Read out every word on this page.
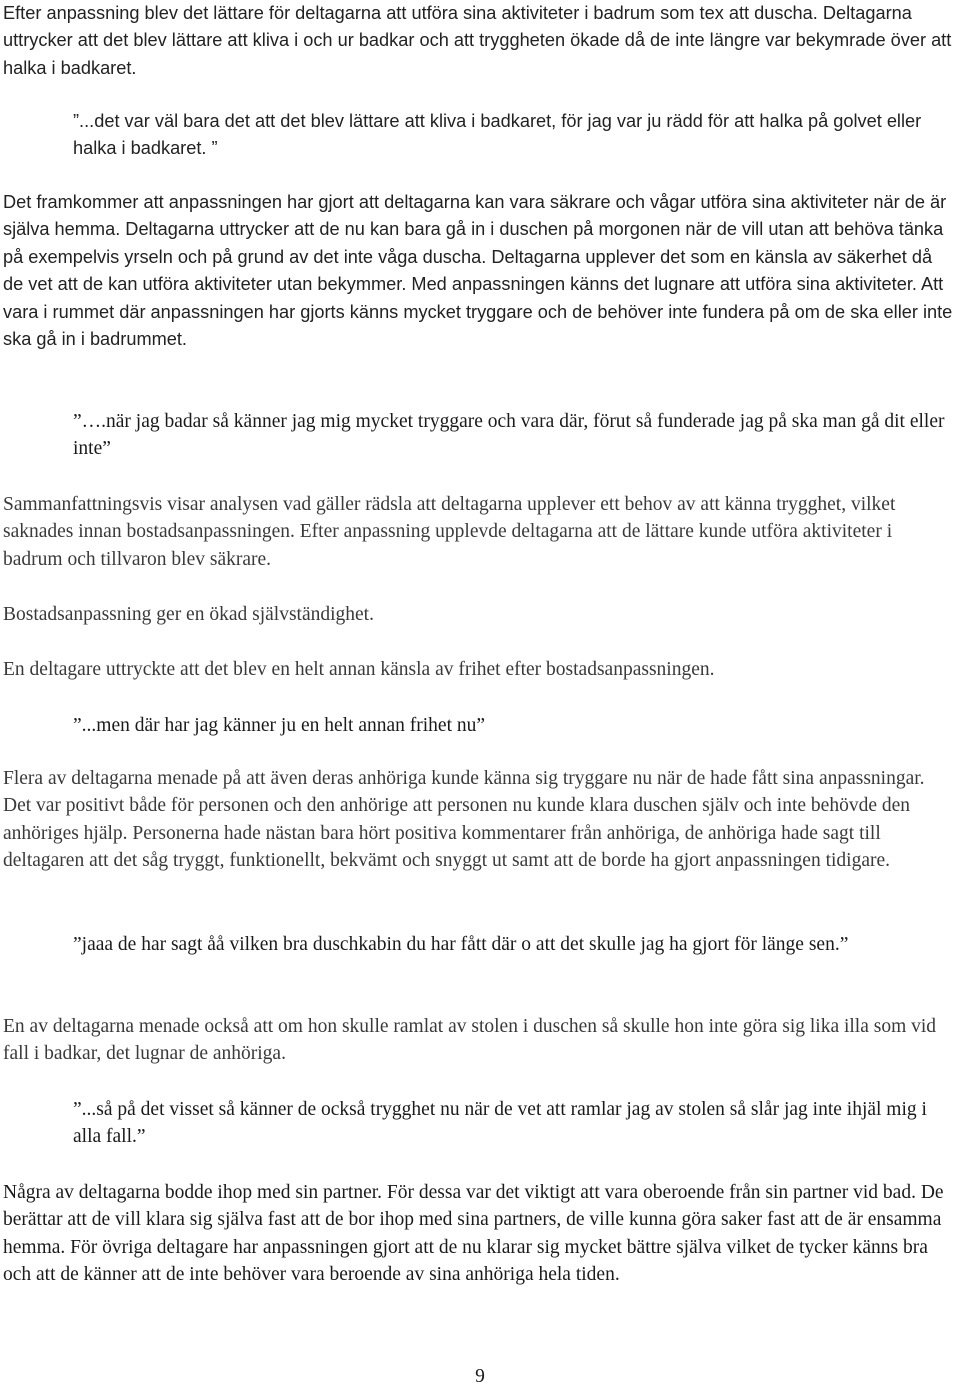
Efter anpassning blev det lättare för deltagarna att utföra sina aktiviteter i badrum som tex att duscha. Deltagarna uttrycker att det blev lättare att kliva i och ur badkar och att tryggheten ökade då de inte längre var bekymrade över att halka i badkaret.

”...det var väl bara det att det blev lättare att kliva i badkaret, för jag var ju rädd för att halka på golvet eller halka i badkaret. ”

Det framkommer att anpassningen har gjort att deltagarna kan vara säkrare och vågar utföra sina aktiviteter när de är själva hemma. Deltagarna uttrycker att de nu kan bara gå in i duschen på morgonen när de vill utan att behöva tänka på exempelvis yrseln och på grund av det inte våga duscha. Deltagarna upplever det som en känsla av säkerhet då de vet att de kan utföra aktiviteter utan bekymmer. Med anpassningen känns det lugnare att utföra sina aktiviteter. Att vara i rummet där anpassningen har gjorts känns mycket tryggare och de behöver inte fundera på om de ska eller inte ska gå in i badrummet.

”….när jag badar så känner jag mig mycket tryggare och vara där, förut så funderade jag på ska man gå dit eller inte”

Sammanfattningsvis visar analysen vad gäller rädsla att deltagarna upplever ett behov av att känna trygghet, vilket saknades innan bostadsanpassningen. Efter anpassning upplevde deltagarna att de lättare kunde utföra aktiviteter i badrum och tillvaron blev säkrare.

Bostadsanpassning ger en ökad självständighet.

En deltagare uttryckte att det blev en helt annan känsla av frihet efter bostadsanpassningen.

”...men där har jag känner ju en helt annan frihet nu”

Flera av deltagarna menade på att även deras anhöriga kunde känna sig tryggare nu när de hade fått sina anpassningar. Det var positivt både för personen och den anhörige att personen nu kunde klara duschen själv och inte behövde den anhöriges hjälp. Personerna hade nästan bara hört positiva kommentarer från anhöriga, de anhöriga hade sagt till deltagaren att det såg tryggt, funktionellt, bekvämt och snyggt ut samt att de borde ha gjort anpassningen tidigare.

”jaaa de har sagt åå vilken bra duschkabin du har fått där o att det skulle jag ha gjort för länge sen.”

En av deltagarna menade också att om hon skulle ramlat av stolen i duschen så skulle hon inte göra sig lika illa som vid fall i badkar, det lugnar de anhöriga.

”...så på det visset så känner de också trygghet nu när de vet att ramlar jag av stolen så slår jag inte ihjäl mig i alla fall.”

Några av deltagarna bodde ihop med sin partner. För dessa var det viktigt att vara oberoende från sin partner vid bad. De berättar att de vill klara sig själva fast att de bor ihop med sina partners, de ville kunna göra saker fast att de är ensamma hemma. För övriga deltagare har anpassningen gjort att de nu klarar sig mycket bättre själva vilket de tycker känns bra och att de känner att de inte behöver vara beroende av sina anhöriga hela tiden.

9
